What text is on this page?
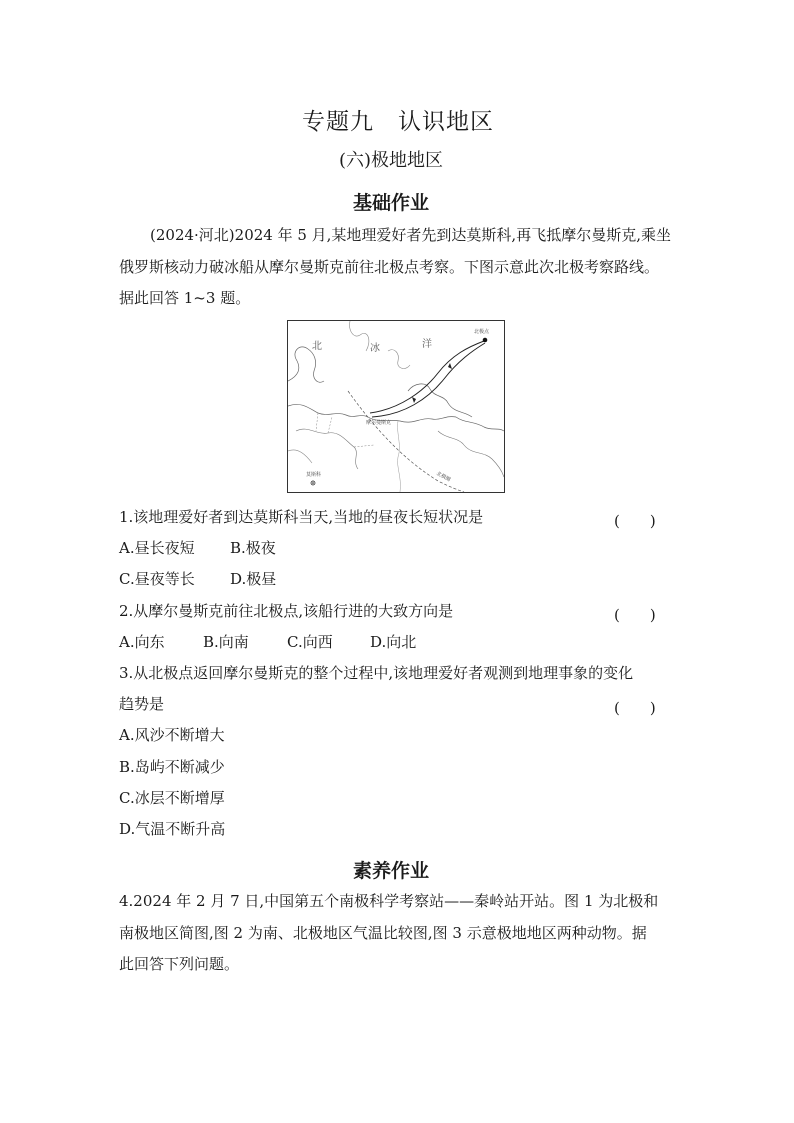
专题九　认识地区
(六)极地地区
基础作业
(2024·河北)2024 年 5 月,某地理爱好者先到达莫斯科,再飞抵摩尔曼斯克,乘坐
俄罗斯核动力破冰船从摩尔曼斯克前往北极点考察。下图示意此次北极考察路线。
据此回答 1~3 题。
北极点
摩尔曼斯克
莫斯科	北极圈
北	冰	洋
1.该地理爱好者到达莫斯科当天,当地的昼夜长短状况是	(　　)
A.昼长夜短 B.极夜
C.昼夜等长 D.极昼
2.从摩尔曼斯克前往北极点,该船行进的大致方向是	(　　)
A.向东	B.向南	C.向西 D.向北
3.从北极点返回摩尔曼斯克的整个过程中,该地理爱好者观测到地理事象的变化
趋势是	(　　)
A.风沙不断增大
B.岛屿不断减少
C.冰层不断增厚
D.气温不断升高
素养作业
4.2024 年 2 月 7 日,中国第五个南极科学考察站——秦岭站开站。图 1 为北极和
南极地区简图,图 2 为南、北极地区气温比较图,图 3 示意极地地区两种动物。据
此回答下列问题。
